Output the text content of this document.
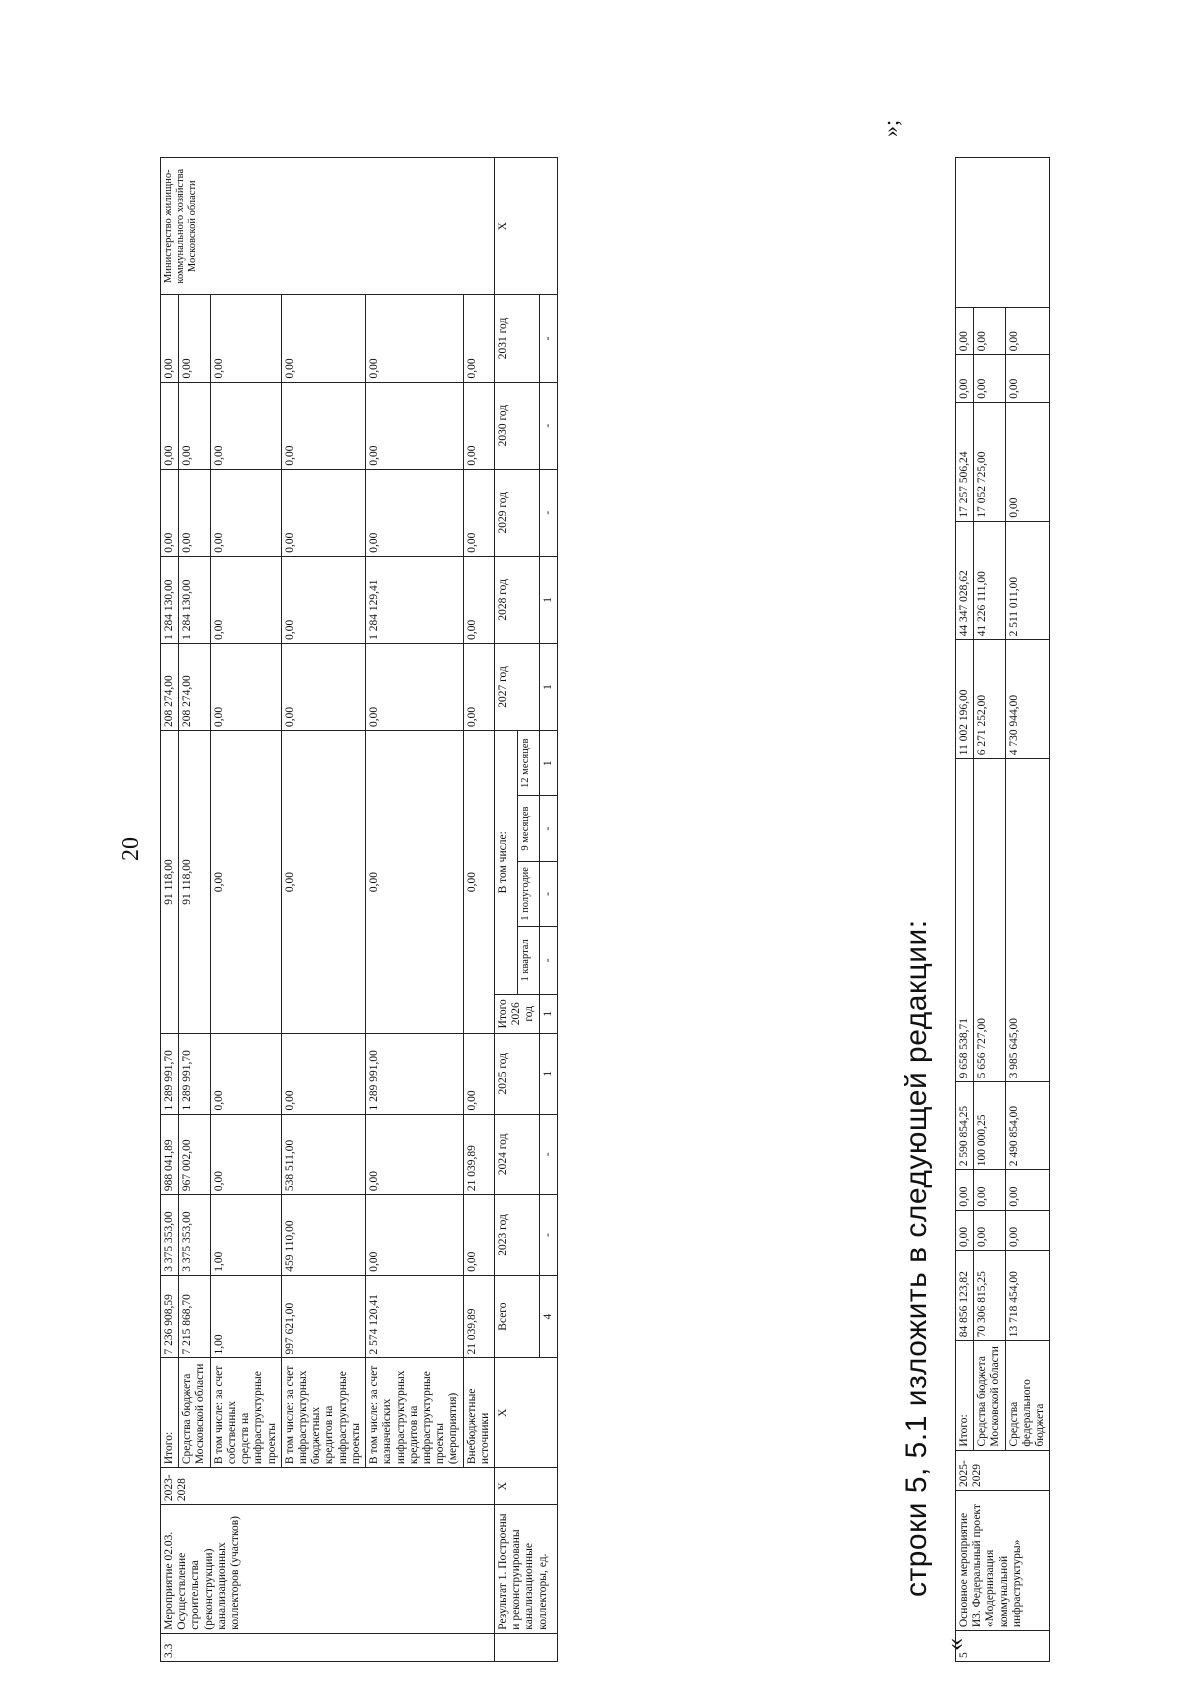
20
3.3	Мероприятие 02.03. Осуществление строительства (реконструкции) канализационных коллекторов (участков)	2023-2028	Итого:	7 236 908,59	3 375 353,00	988 041,89	1 289 991,70	91 118,00					208 274,00	1 284 130,00	0,00	0,00	0,00	Министерство жилищно-коммунального хозяйства Московской области
			Средства бюджета Московской области	7 215 868,70	3 375 353,00	967 002,00	1 289 991,70	91 118,00					208 274,00	1 284 130,00	0,00	0,00	0,00	
			В том числе: за счет собственных средств на инфраструктурные проекты	1,00	1,00	0,00	0,00	0,00					0,00	0,00	0,00	0,00	0,00	
			В том числе: за счет инфраструктурных бюджетных кредитов на инфраструктурные проекты	997 621,00	459 110,00	538 511,00	0,00	0,00					0,00	0,00	0,00	0,00	0,00	
			В том числе: за счет казначейских инфраструктурных кредитов на инфраструктурные проекты (мероприятия)	2 574 120,41	0,00	0,00	1 289 991,00	0,00					0,00	1 284 129,41	0,00	0,00	0,00	
			Внебюджетные источники	21 039,89	0,00	21 039,89	0,00	0,00					0,00	0,00	0,00	0,00	0,00	
	Результат 1. Построены и реконструированы канализационные коллекторы, ед.	X	X	Всего	2023 год	2024 год	2025 год	Итого 2026 год	В том числе:				2027 год	2028 год	2029 год	2030 год	2031 год	X
									1 квартал	1 полугодие	9 месяцев	12 месяцев						
				4	-	-	1	1	-	-	-	1	1	1	-	-	-	
строки 5, 5.1 изложить в следующей редакции:
«
»;
5	Основное мероприятие И3. Федеральный проект «Модернизация коммунальной инфраструктуры»	2025-2029	Итого:	84 856 123,82	0,00	0,00	2 590 854,25	9 658 538,71	11 002 196,00	44 347 028,62	17 257 506,24	0,00	0,00	
			Средства бюджета Московской области	70 306 815,25	0,00	0,00	100 000,25	5 656 727,00	6 271 252,00	41 226 111,00	17 052 725,00	0,00	0,00	
			Средства федерального бюджета	13 718 454,00	0,00	0,00	2 490 854,00	3 985 645,00	4 730 944,00	2 511 011,00	0,00	0,00	0,00	
